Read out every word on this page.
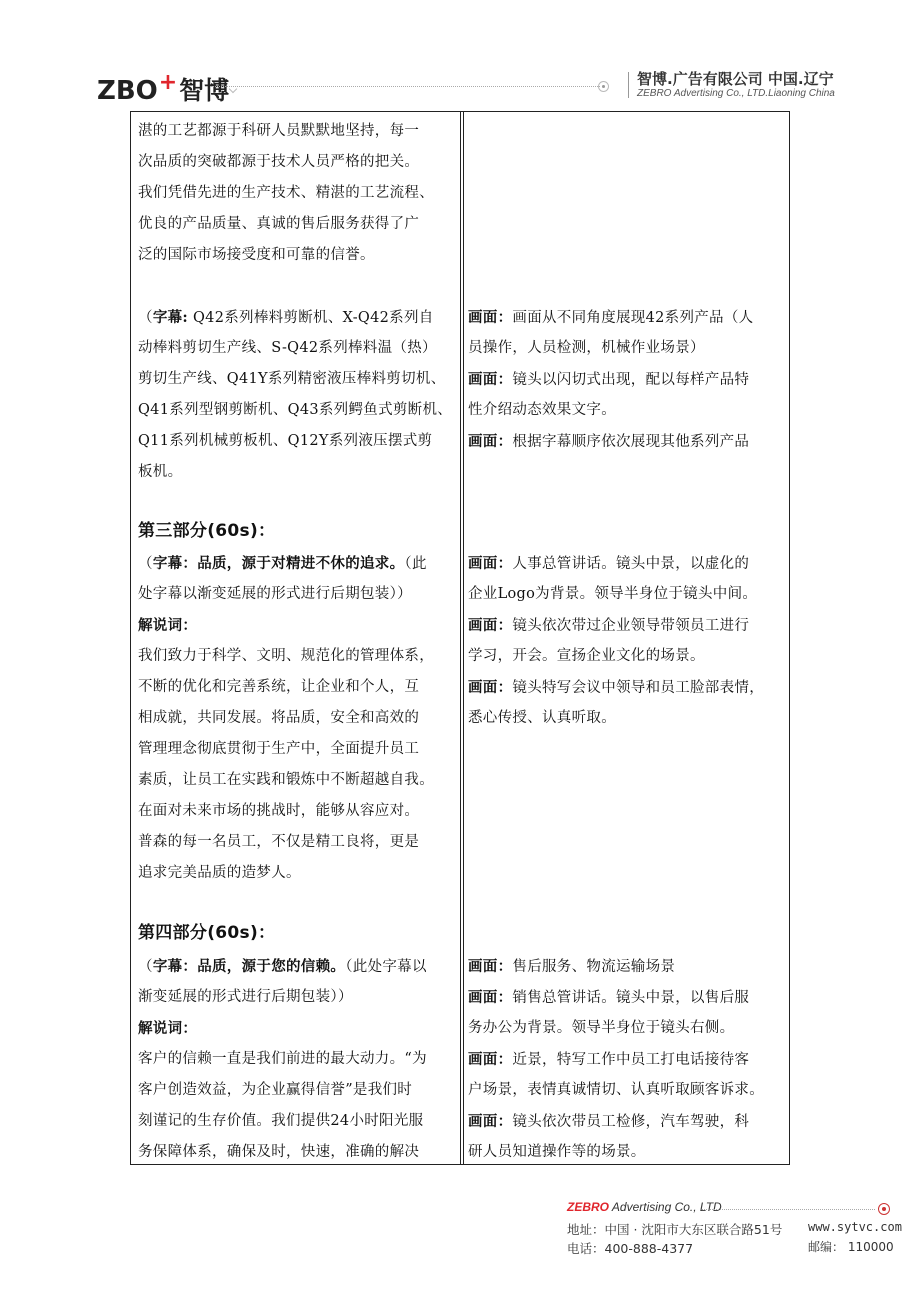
ZBO+智博	智博.广告有限公司 中国.辽宁
ZEBRO Advertising Co., LTD.Liaoning China
湛的工艺都源于科研人员默默地坚持，每一
次品质的突破都源于技术人员严格的把关。
我们凭借先进的生产技术、精湛的工艺流程、
优良的产品质量、真诚的售后服务获得了广
泛的国际市场接受度和可靠的信誉。
（字幕: Q42系列棒料剪断机、X-Q42系列自
动棒料剪切生产线、S-Q42系列棒料温（热）
剪切生产线、Q41Y系列精密液压棒料剪切机、
Q41系列型钢剪断机、Q43系列鳄鱼式剪断机、
Q11系列机械剪板机、Q12Y系列液压摆式剪
板机。
第三部分(60s)：
（字幕：品质，源于对精进不休的追求。（此
处字幕以渐变延展的形式进行后期包装））
解说词：
我们致力于科学、文明、规范化的管理体系，
不断的优化和完善系统，让企业和个人，互
相成就，共同发展。将品质，安全和高效的
管理理念彻底贯彻于生产中，全面提升员工
素质，让员工在实践和锻炼中不断超越自我。
在面对未来市场的挑战时，能够从容应对。
普森的每一名员工，不仅是精工良将，更是
追求完美品质的造梦人。
第四部分(60s)：
（字幕：品质，源于您的信赖。（此处字幕以
渐变延展的形式进行后期包装））
解说词：
客户的信赖一直是我们前进的最大动力。“为
客户创造效益，为企业赢得信誉”是我们时
刻谨记的生存价值。我们提供24小时阳光服
务保障体系，确保及时，快速，准确的解决
画面：画面从不同角度展现42系列产品（人
员操作，人员检测，机械作业场景）
画面：镜头以闪切式出现，配以每样产品特
性介绍动态效果文字。
画面：根据字幕顺序依次展现其他系列产品
画面：人事总管讲话。镜头中景，以虚化的
企业Logo为背景。领导半身位于镜头中间。
画面：镜头依次带过企业领导带领员工进行
学习，开会。宣扬企业文化的场景。
画面：镜头特写会议中领导和员工脸部表情，
悉心传授、认真听取。
画面：售后服务、物流运输场景
画面：销售总管讲话。镜头中景，以售后服
务办公为背景。领导半身位于镜头右侧。
画面：近景，特写工作中员工打电话接待客
户场景，表情真诚情切、认真听取顾客诉求。
画面：镜头依次带员工检修，汽车驾驶，科
研人员知道操作等的场景。
ZEBRO Advertising Co., LTD
地址：中国 · 沈阳市大东区联合路51号
电话：400-888-4377
www.sytvc.com
邮编： 110000
